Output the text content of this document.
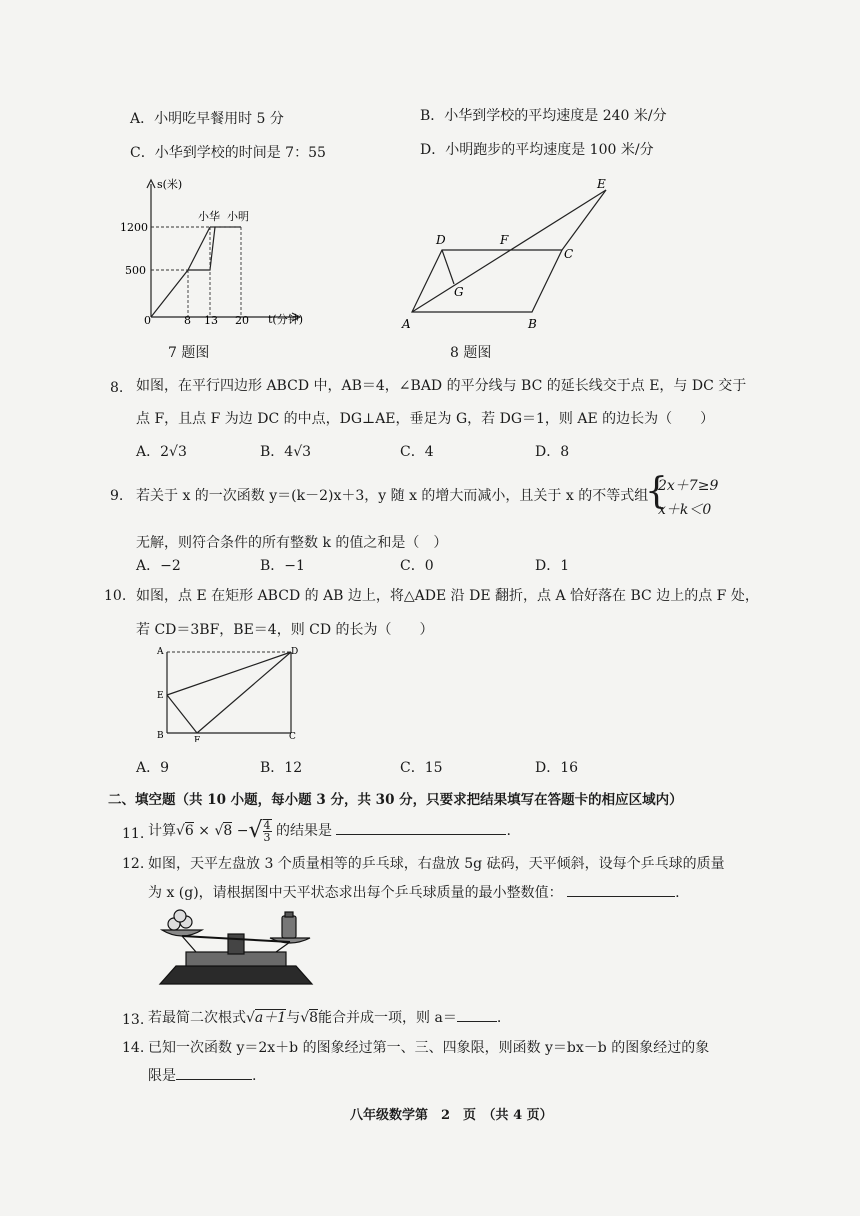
A．小明吃早餐用时 5 分	B．小华到学校的平均速度是 240 米/分
C．小华到学校的时间是 7：55	D．小明跑步的平均速度是 100 米/分
s(米)
t(分钟)
0	8 13 20
500
1200
小华 小明
7 题图
A	B
C
D
E
F
G
8 题图
8. 如图，在平行四边形 ABCD 中，AB＝4，∠BAD 的平分线与 BC 的延长线交于点 E，与 DC 交于
点 F，且点 F 为边 DC 的中点，DG⊥AE，垂足为 G，若 DG＝1，则 AE 的边长为（　　）
A．2√3	B．4√3	C．4	D．8
9. 若关于 x 的一次函数 y＝(k－2)x＋3，y 随 x 的增大而减小，且关于 x 的不等式组
{
2x＋7≥9
x＋k＜0
无解，则符合条件的所有整数 k 的值之和是（　）
A．−2	B．−1	C．0	D．1
10. 如图，点 E 在矩形 ABCD 的 AB 边上，将△ADE 沿 DE 翻折，点 A 恰好落在 BC 边上的点 F 处，
若 CD＝3BF，BE＝4，则 CD 的长为（　　）
A
B	C
D
E
F
A．9	B．12	C．15	D．16
二、填空题（共 10 小题，每小题 3 分，共 30 分，只要求把结果填写在答题卡的相应区域内）
11. 计算√6 × √8 −√ $\frac{4}{3}$ 的结果是	.
12. 如图，天平左盘放 3 个质量相等的乒乓球，右盘放 5g 砝码，天平倾斜，设每个乒乓球的质量
为 x (g)，请根据图中天平状态求出每个乒乓球质量的最小整数值：	.
13. 若最简二次根式√a＋1与√8能合并成一项，则 a＝	.
14. 已知一次函数 y＝2x＋b 的图象经过第一、三、四象限，则函数 y＝bx－b 的图象经过的象
限是	.
八年级数学第　2　页　（共 4 页）
